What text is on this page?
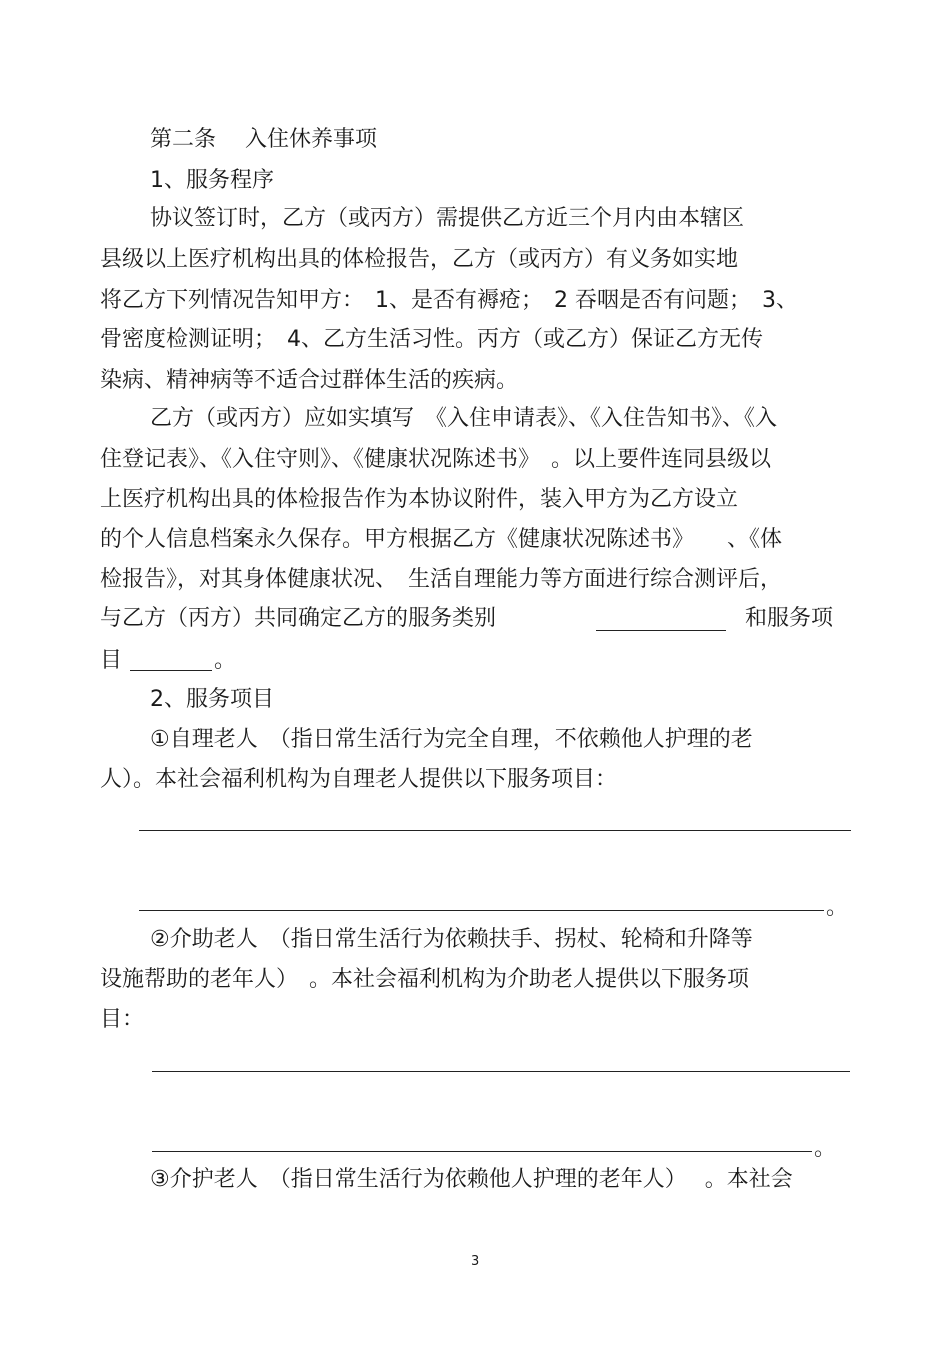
第二条　 入住休养事项
1、服务程序
协议签订时，乙方（或丙方）需提供乙方近三个月内由本辖区
县级以上医疗机构出具的体检报告，乙方（或丙方）有义务如实地
将乙方下列情况告知甲方：　1、是否有褥疮；　2 吞咽是否有问题；　3、
骨密度检测证明；　4、乙方生活习性。丙方（或乙方）保证乙方无传
染病、精神病等不适合过群体生活的疾病。
乙方（或丙方）应如实填写　《入住申请表》、《入住告知书》、《入
住登记表》、《入住守则》、《健康状况陈述书》　。以上要件连同县级以
上医疗机构出具的体检报告作为本协议附件，装入甲方为乙方设立
的个人信息档案永久保存。甲方根据乙方《健康状况陈述书》　　、《体
检报告》，对其身体健康状况、　生活自理能力等方面进行综合测评后，
与乙方（丙方）共同确定乙方的服务类别	和服务项
目	。
2、服务项目
①自理老人　（指日常生活行为完全自理，不依赖他人护理的老
人）。本社会福利机构为自理老人提供以下服务项目：
。
②介助老人　（指日常生活行为依赖扶手、拐杖、轮椅和升降等
设施帮助的老年人）　。本社会福利机构为介助老人提供以下服务项
目：
。
③介护老人　（指日常生活行为依赖他人护理的老年人）　 。本社会
3
